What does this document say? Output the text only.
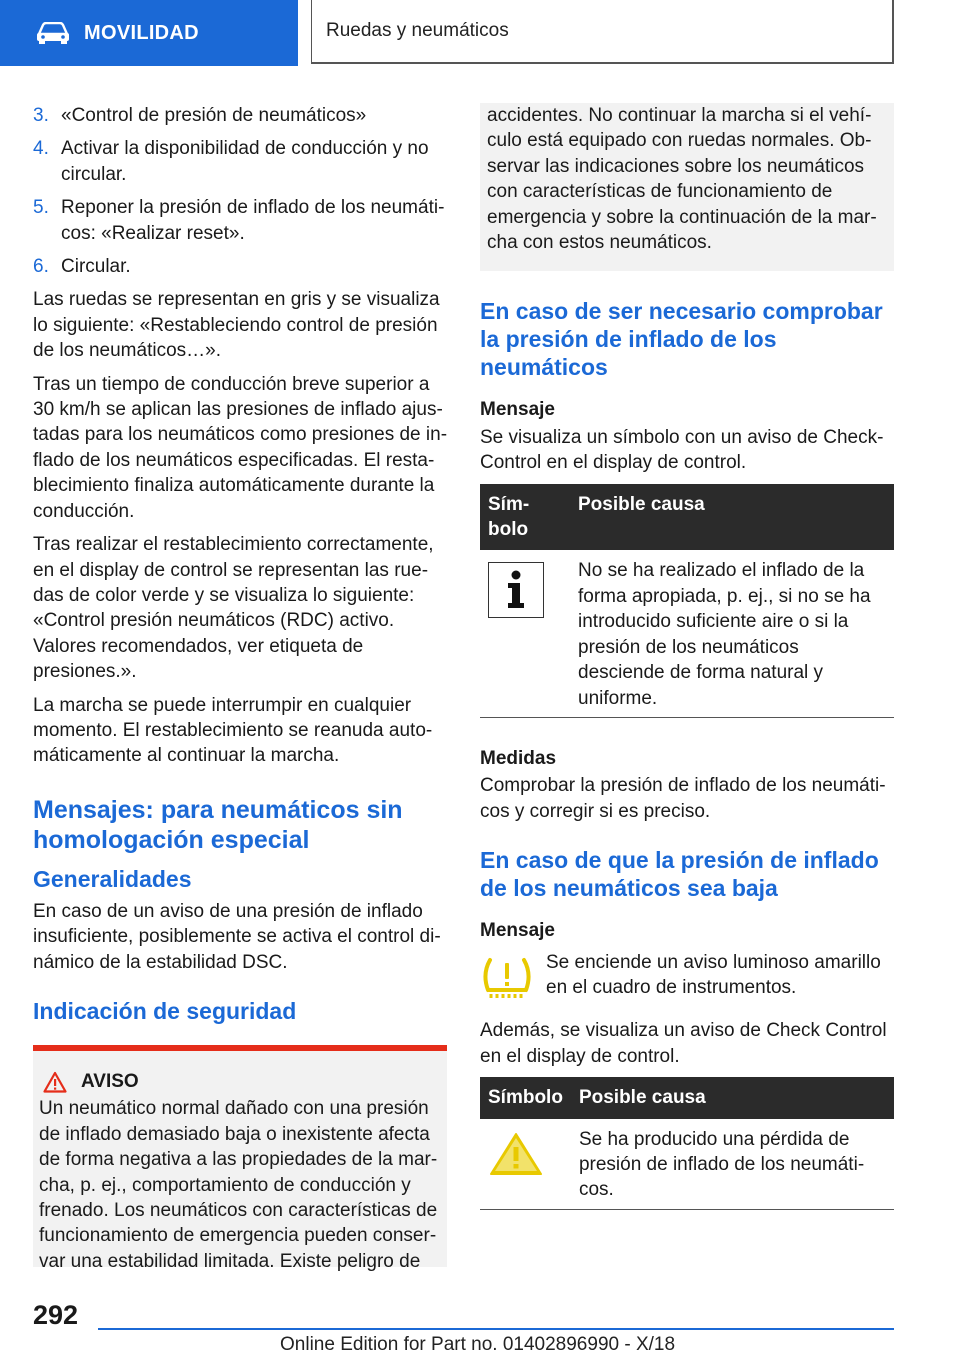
MOVILIDAD	Ruedas y neumáticos
3. «Control de presión de neumáticos»
4. Activar la disponibilidad de conducción y no circular.
5. Reponer la presión de inflado de los neumáticos: «Realizar reset».
6. Circular.

Las ruedas se representan en gris y se visualiza lo siguiente: «Restableciendo control de presión de los neumáticos…».

Tras un tiempo de conducción breve superior a 30 km/h se aplican las presiones de inflado ajustadas para los neumáticos como presiones de inflado de los neumáticos especificadas. El restablecimiento finaliza automáticamente durante la conducción.

Tras realizar el restablecimiento correctamente, en el display de control se representan las ruedas de color verde y se visualiza lo siguiente: «Control presión neumáticos (RDC) activo. Valores recomendados, ver etiqueta de presiones.».

La marcha se puede interrumpir en cualquier momento. El restablecimiento se reanuda automáticamente al continuar la marcha.

Mensajes: para neumáticos sin homologación especial
Generalidades

En caso de un aviso de una presión de inflado insuficiente, posiblemente se activa el control dinámico de la estabilidad DSC.

Indicación de seguridad
AVISO

Un neumático normal dañado con una presión de inflado demasiado baja o inexistente afecta de forma negativa a las propiedades de la marcha, p. ej., comportamiento de conducción y frenado. Los neumáticos con características de funcionamiento de emergencia pueden conservar una estabilidad limitada. Existe peligro de

accidentes. No continuar la marcha si el vehículo está equipado con ruedas normales. Observar las indicaciones sobre los neumáticos con características de funcionamiento de emergencia y sobre la continuación de la marcha con estos neumáticos.

En caso de ser necesario comprobar la presión de inflado de los neumáticos
Mensaje

Se visualiza un símbolo con un aviso de Check-Control en el display de control.

Símbolo	Posible causa

	No se ha realizado el inflado de la forma apropiada, p. ej., si no se ha introducido suficiente aire o si la presión de los neumáticos desciende de forma natural y uniforme.
Medidas

Comprobar la presión de inflado de los neumáticos y corregir si es preciso.

En caso de que la presión de inflado de los neumáticos sea baja
Mensaje

Se enciende un aviso luminoso amarillo en el cuadro de instrumentos.

Además, se visualiza un aviso de Check Control en el display de control.

Símbolo	Posible causa
	Se ha producido una pérdida de presión de inflado de los neumáticos.
292
Online Edition for Part no. 01402896990 - X/18
